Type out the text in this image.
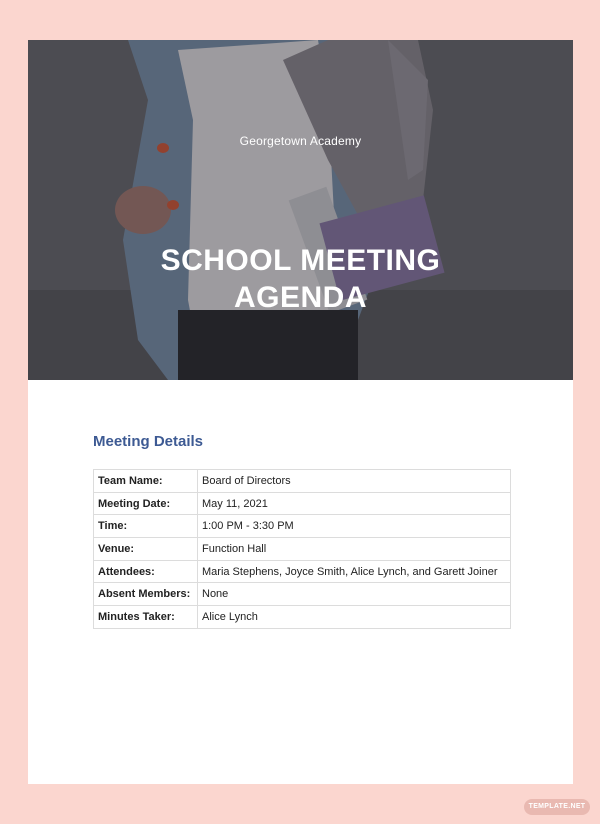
Georgetown Academy
SCHOOL MEETING
AGENDA
Meeting Details
Team Name:	Board of Directors
Meeting Date:	May 11, 2021
Time:	1:00 PM - 3:30 PM
Venue:	Function Hall
Attendees:	Maria Stephens, Joyce Smith, Alice Lynch, and Garett Joiner
Absent Members:	None
Minutes Taker:	Alice Lynch
TEMPLATE.NET
